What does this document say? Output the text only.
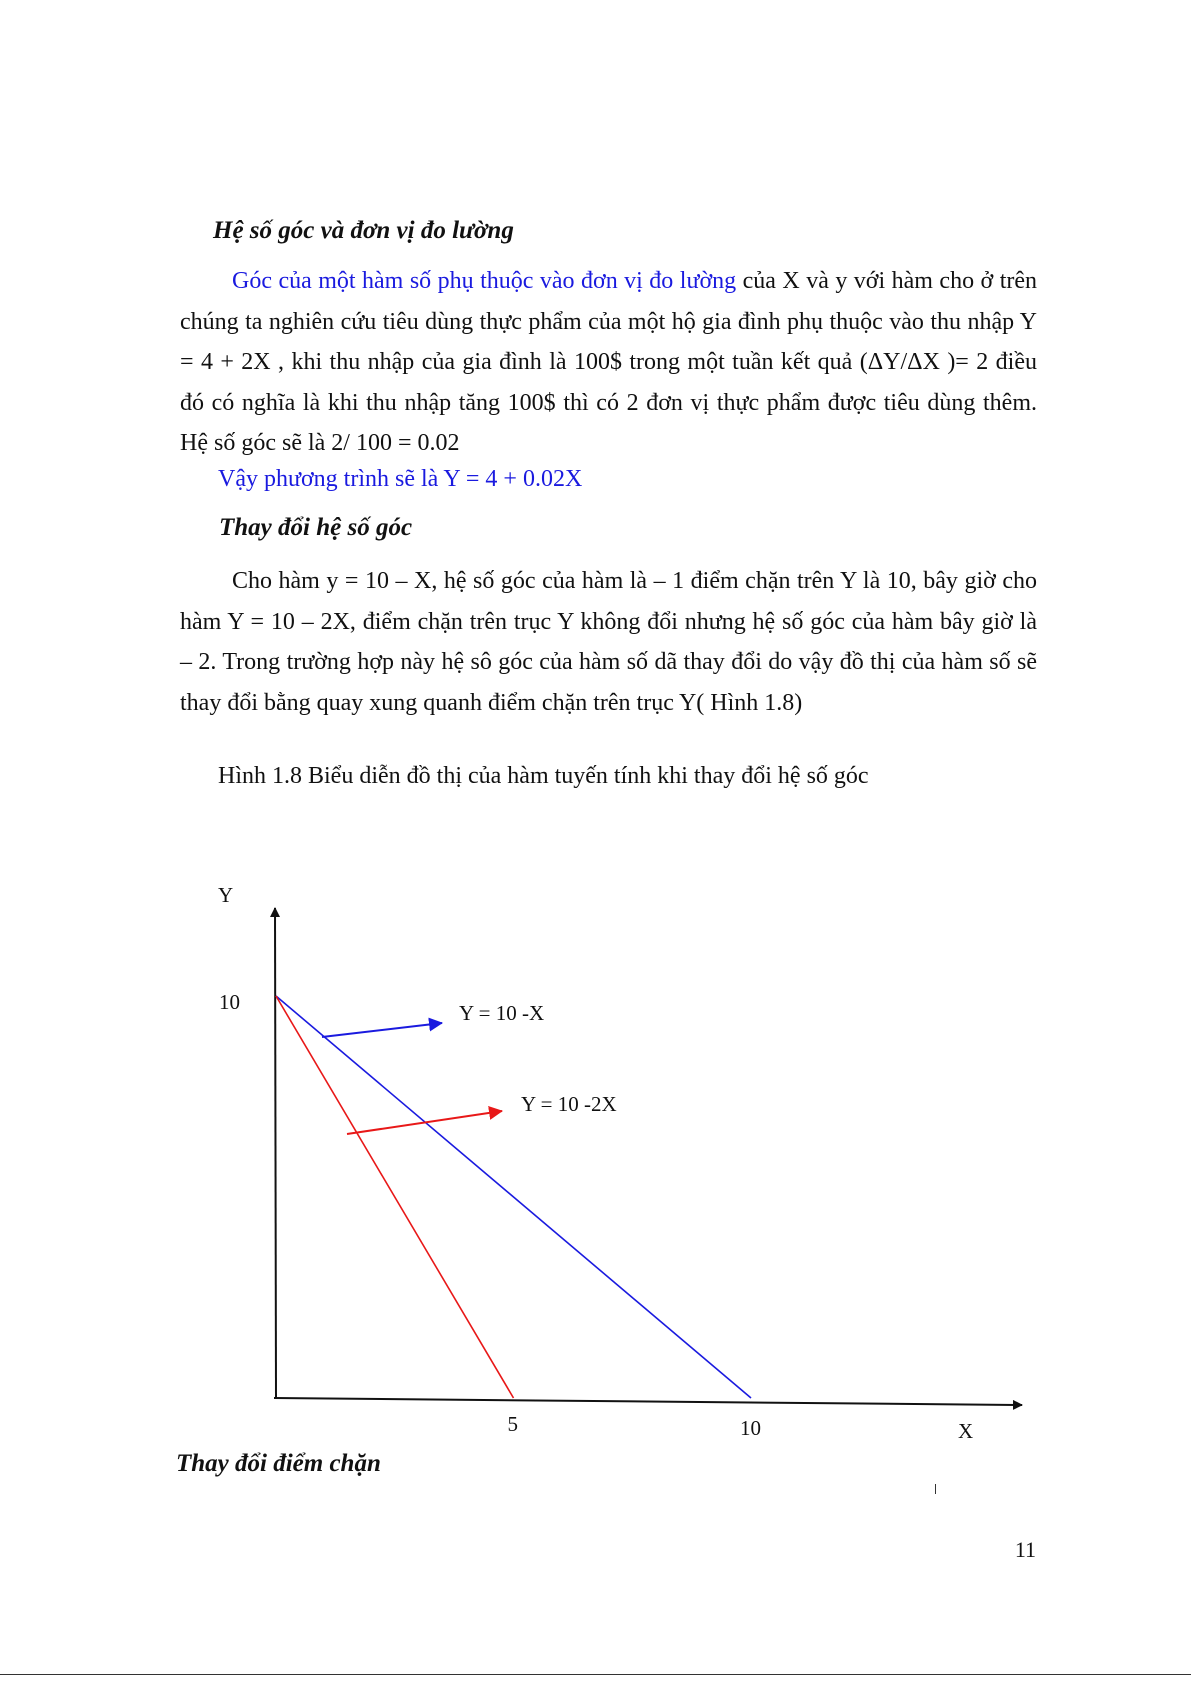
Hệ số góc và đơn vị đo lường

Góc của một hàm số phụ thuộc vào đơn vị đo lường của X và y với hàm cho ở trên chúng ta nghiên cứu tiêu dùng thực phẩm của một hộ gia đình phụ thuộc vào thu nhập Y = 4 + 2X , khi thu nhập của gia đình là 100$ trong một tuần kết quả (ΔY/ΔX )= 2 điều đó có nghĩa là khi thu nhập tăng 100$ thì có 2 đơn vị thực phẩm được tiêu dùng thêm. Hệ số góc sẽ là 2/ 100 = 0.02

Vậy phương trình sẽ là Y = 4 + 0.02X

Thay đổi hệ số góc

Cho hàm y = 10 – X, hệ số góc của hàm là – 1 điểm chặn trên Y là 10, bây giờ cho hàm Y = 10 – 2X, điểm chặn trên trục Y không đổi nhưng hệ số góc của hàm bây giờ là – 2. Trong trường hợp này hệ sô góc của hàm số dã thay đổi do vậy đồ thị của hàm số sẽ thay đổi bằng quay xung quanh điểm chặn trên trục Y( Hình 1.8)

Hình 1.8 Biểu diễn đồ thị của hàm tuyến tính khi thay đổi hệ số góc

Y
X
10
5	10
Y = 10 -X
Y = 10 -2X

Thay đổi điểm chặn

11
